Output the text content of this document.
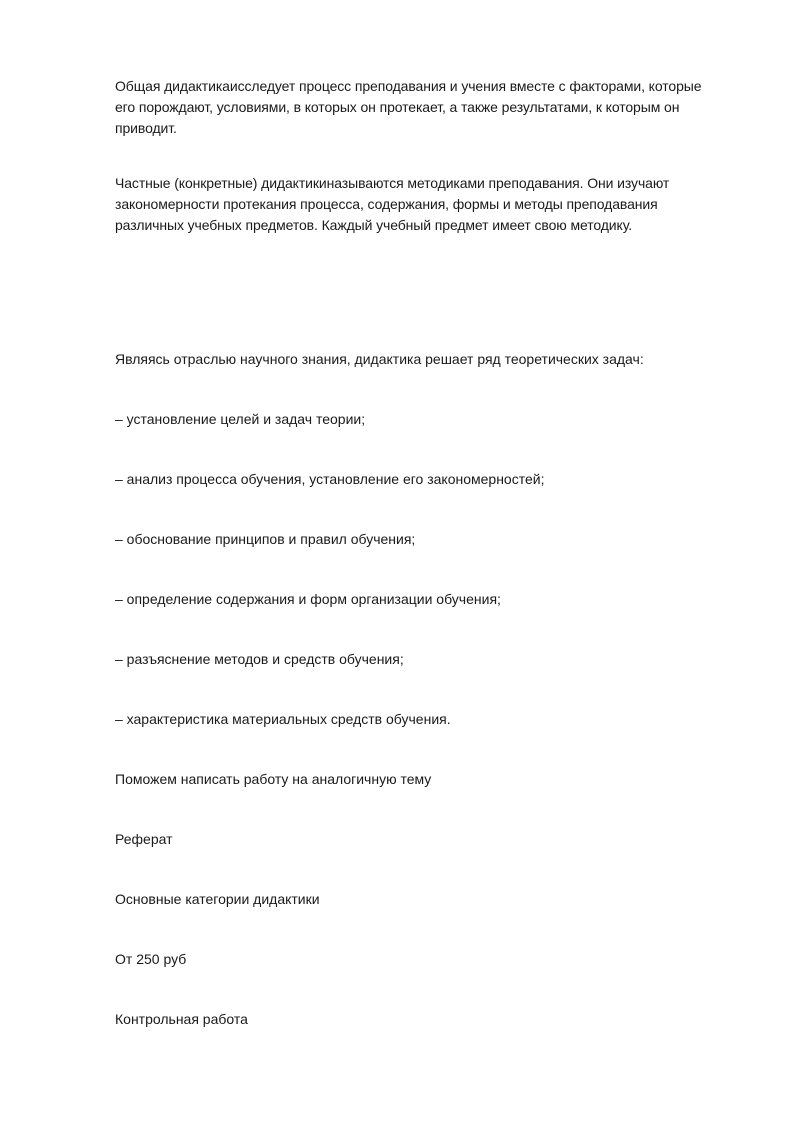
Общая дидактикаисследует процесс преподавания и учения вместе с факторами, которые его порождают, условиями, в которых он протекает, а также результатами, к которым он приводит.

Частные (конкретные) дидактикиназываются методиками преподавания. Они изучают закономерности протекания процесса, содержания, формы и методы преподавания различных учебных предметов. Каждый учебный предмет имеет свою методику.

Являясь отраслью научного знания, дидактика решает ряд теоретических задач:

– установление целей и задач теории;

– анализ процесса обучения, установление его закономерностей;

– обоснование принципов и правил обучения;

– определение содержания и форм организации обучения;

– разъяснение методов и средств обучения;

– характеристика материальных средств обучения.

Поможем написать работу на аналогичную тему

Реферат

Основные категории дидактики

От 250 руб

Контрольная работа
